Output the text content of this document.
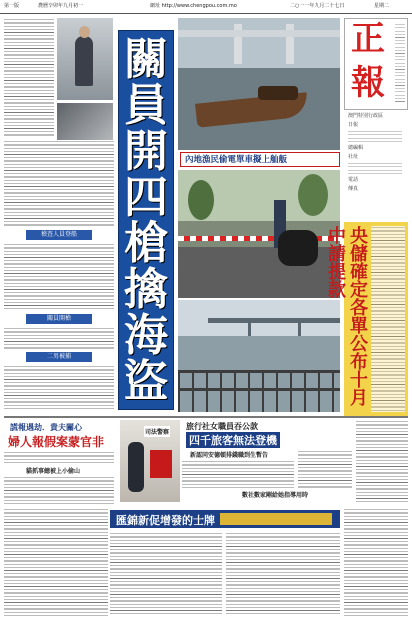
第一版	農曆辛卯年九月初一	網址 http://www.chengpou.com.mo	二○一一年九月二十七日	星期二
稽查人員登船
關員開槍
二男被捕
關
員
開
四
槍
擒
海
盜
內地漁民偷電單車擬上舢舨
正
報
澳門特別行政區
日報
總編輯
社址
電話
傳真
央儲確定各單公布十月中請提款
謊報遇劫．貴夫關心
婦人報假案蒙官非
貓抓事總被上小偷山
司法警察
旅行社女職員吞公款
四千旅客無法登機
新認同安德頓排錢職到生暫告
數社數家剛給她指導用時
匯錦新促增發的士牌
